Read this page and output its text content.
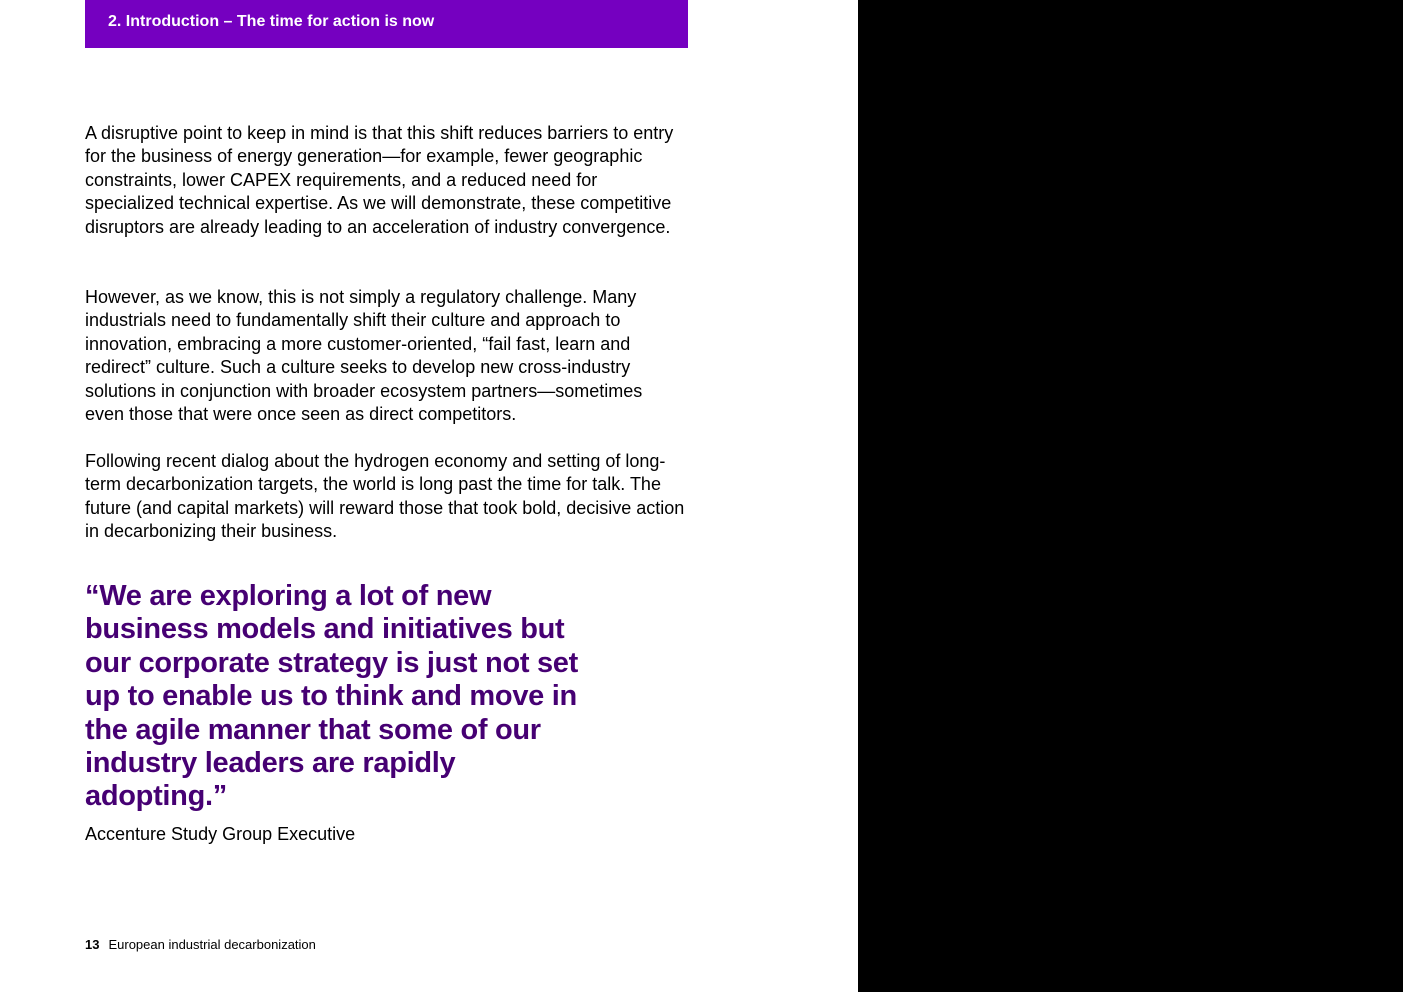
2. Introduction – The time for action is now

A disruptive point to keep in mind is that this shift reduces barriers to entry for the business of energy generation—for example, fewer geographic constraints, lower CAPEX requirements, and a reduced need for specialized technical expertise. As we will demonstrate, these competitive disruptors are already leading to an acceleration of industry convergence.

However, as we know, this is not simply a regulatory challenge. Many industrials need to fundamentally shift their culture and approach to innovation, embracing a more customer-oriented, “fail fast, learn and redirect” culture. Such a culture seeks to develop new cross-industry solutions in conjunction with broader ecosystem partners—sometimes even those that were once seen as direct competitors.

Following recent dialog about the hydrogen economy and setting of long-term decarbonization targets, the world is long past the time for talk. The future (and capital markets) will reward those that took bold, decisive action in decarbonizing their business.

“We are exploring a lot of new business models and initiatives but our corporate strategy is just not set up to enable us to think and move in the agile manner that some of our industry leaders are rapidly adopting.”

Accenture Study Group Executive
13 European industrial decarbonization
